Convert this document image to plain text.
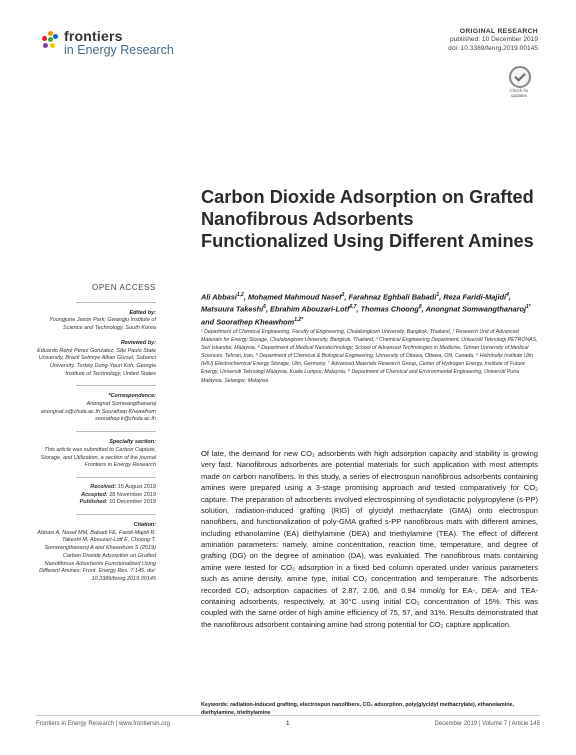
frontiers
in Energy Research
ORIGINAL RESEARCH
published: 10 December 2019
doi: 10.3389/fenrg.2019.00145
Check for updates
Carbon Dioxide Adsorption on Grafted Nanofibrous Adsorbents Functionalized Using Different Amines
Ali Abbasi$^{1,2}$, Mohamed Mahmoud Nasef$^3$, Farahnaz Eghbali Babadi$^1$, Reza Faridi-Majidi$^4$, Matsuura Takeshi$^5$, Ebrahim Abouzari-Lotf$^{6,7}$, Thomas Choong$^8$, Anongnat Somwangthanaroj$^{1*}$ and Soorathep Kheawhom$^{1,2*}$
¹ Department of Chemical Engineering, Faculty of Engineering, Chulalongkorn University, Bangkok, Thailand, ² Research Unit of Advanced Materials for Energy Storage, Chulalongkorn University, Bangkok, Thailand, ³ Chemical Engineering Department, Universiti Teknologi PETRONAS, Seri Iskandar, Malaysia, ⁴ Department of Medical Nanotechnology, School of Advanced Technologies in Medicine, Tehran University of Medical Sciences, Tehran, Iran, ⁵ Department of Chemical & Biological Engineering, University of Ottawa, Ottawa, ON, Canada, ⁶ Helmholtz Institute Ulm (HIU) Electrochemical Energy Storage, Ulm, Germany, ⁷ Advanced Materials Research Group, Center of Hydrogen Energy, Institute of Future Energy, Universiti Teknologi Malaysia, Kuala Lumpur, Malaysia, ⁸ Department of Chemical and Environmental Engineering, Universiti Putra Malaysia, Selangor, Malaysia
Of late, the demand for new CO₂ adsorbents with high adsorption capacity and stability is growing very fast. Nanofibrous adsorbents are potential materials for such application with most attempts made on carbon nanofibers. In this study, a series of electrospun nanofibrous adsorbents containing amines were prepared using a 3-stage promising approach and tested comparatively for CO₂ capture. The preparation of adsorbents involved electrospinning of syndiotactic polypropylene (s-PP) solution, radiation-induced grafting (RIG) of glycidyl methacrylate (GMA) onto electrospun nanofibers, and functionalization of poly-GMA grafted s-PP nanofibrous mats with different amines, including ethanolamine (EA) diethylamine (DEA) and triethylamine (TEA). The effect of different amination parameters: namely, amine concentration, reaction time, temperature, and degree of grafting (DG) on the degree of amination (DA), was evaluated. The nanofibrous mats containing amine were tested for CO₂ adsorption in a fixed bed column operated under various parameters such as amine density, amine type, initial CO₂ concentration and temperature. The adsorbents recorded CO₂ adsorption capacities of 2.87, 2.06, and 0.94 mmol/g for EA-, DEA- and TEA-containing adsorbents, respectively, at 30°C using initial CO₂ concentration of 15%. This was coupled with the same order of high amine efficiency of 75, 57, and 31%. Results demonstrated that the nanofibrous adsorbent containing amine had strong potential for CO₂ capture application.
Keywords: radiation-induced grafting, electrospun nanofibers, CO₂ adsorption, poly(glycidyl methacrylate), ethanolamine, diethylamine, triethylamine
OPEN ACCESS
Edited by:
Youngjune Jason Park, Gwangju Institute of Science and Technology, South Korea
Reviewed by:
Eduardo René Perez Gonzalez, São Paulo State University, Brazil Selmiye Alkan Gürsel, Sabanci University, Turkey Dong-Yeun Koh, Georgia Institute of Technology, United States
*Correspondence:
Anongnat Somwangthanaroj anongnat.s@chula.ac.th Soorathep Kheawhom soorathep.k@chula.ac.th
Specialty section:
This article was submitted to Carbon Capture, Storage, and Utilization, a section of the journal Frontiers in Energy Research
Received: 15 August 2019
Accepted: 28 November 2019
Published: 10 December 2019
Citation:
Abbasi A, Nasef MM, Babadi FE, Faridi-Majidi R, Takeshi M, Abouzari-Lotf E, Choong T, Somwangthanaroj A and Kheawhom S (2019) Carbon Dioxide Adsorption on Grafted Nanofibrous Adsorbents Functionalized Using Different Amines. Front. Energy Res. 7:145. doi: 10.3389/fenrg.2019.00145
Frontiers in Energy Research | www.frontiersin.org	1	December 2019 | Volume 7 | Article 145
